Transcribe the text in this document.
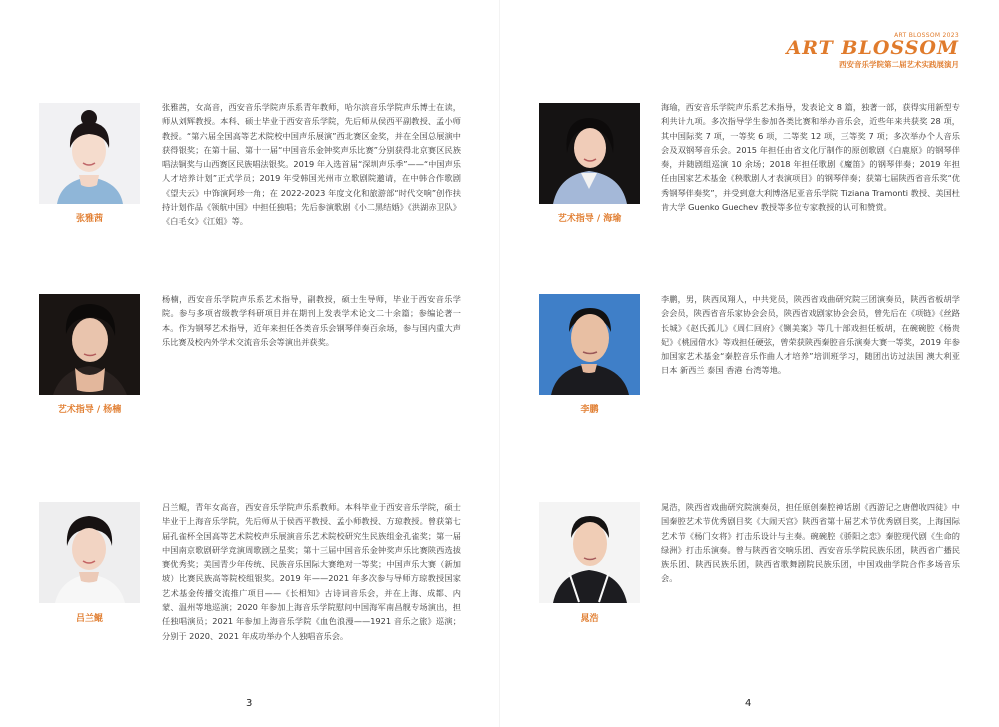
ART BLOSSOM 2023
ART BLOSSOM
西安音乐学院第二届艺术实践展演月
张雅茜

张雅茜，女高音，西安音乐学院声乐系青年教师，哈尔滨音乐学院声乐博士在读，师从刘辉教授。本科、硕士毕业于西安音乐学院，先后师从侯西平副教授、孟小师教授。“第六届全国高等艺术院校中国声乐展演”西北赛区金奖，并在全国总展演中获得银奖；在第十届、第十一届“中国音乐金钟奖声乐比赛”分别获得北京赛区民族唱法铜奖与山西赛区民族唱法银奖。2019 年入选首届“深圳声乐季”——“中国声乐人才培养计划”正式学员；2019 年受韩国光州市立歌剧院邀请，在中韩合作歌剧《望夫云》中饰演阿珍一角；在 2022-2023 年度文化和旅游部“时代交响”创作扶持计划作品《领航中国》中担任独唱；先后参演歌剧《小二黑结婚》《洪湖赤卫队》《白毛女》《江姐》等。

艺术指导 / 杨楠

杨楠，西安音乐学院声乐系艺术指导，副教授，硕士生导师，毕业于西安音乐学院。参与多项省级教学科研项目并在期刊上发表学术论文二十余篇；参编论著一本。作为钢琴艺术指导，近年来担任各类音乐会钢琴伴奏百余场，参与国内重大声乐比赛及校内外学术交流音乐会等演出并获奖。

吕兰鲲

吕兰鲲，青年女高音，西安音乐学院声乐系教师。本科毕业于西安音乐学院，硕士毕业于上海音乐学院，先后师从于侯西平教授、孟小师教授、方琼教授。曾获第七届孔雀杯全国高等艺术院校声乐展演音乐艺术院校研究生民族组金孔雀奖；第一届中国南京歌剧研学竞演周歌剧之星奖；第十三届中国音乐金钟奖声乐比赛陕西选拔赛优秀奖；美国青少年传统、民族音乐国际大赛绝对一等奖；中国声乐大赛（新加坡）比赛民族高等院校组银奖。2019 年——2021 年多次参与导师方琼教授国家艺术基金传播交流推广项目——《长相知》古诗词音乐会，并在上海、成都、内蒙、温州等地巡演；2020 年参加上海音乐学院慰问中国海军南昌舰专场演出，担任独唱演员；2021 年参加上海音乐学院《血色浪漫——1921 音乐之旅》巡演；分别于 2020、2021 年成功举办个人独唱音乐会。

3
艺术指导 / 海瑜

海瑜，西安音乐学院声乐系艺术指导，发表论文 8 篇，独著一部，获得实用新型专利共计九项。多次指导学生参加各类比赛和举办音乐会，近些年来共获奖 28 项，其中国际奖 7 项，一等奖 6 项，二等奖 12 项，三等奖 7 项；多次举办个人音乐会及双钢琴音乐会。2015 年担任由省文化厅制作的原创歌剧《白鹿原》的钢琴伴奏，并随剧组巡演 10 余场；2018 年担任歌剧《魔笛》的钢琴伴奏；2019 年担任由国家艺术基金《秧歌剧人才表演项目》的钢琴伴奏；获第七届陕西省音乐奖“优秀钢琴伴奏奖”，并受到意大利博洛尼亚音乐学院 Tiziana Tramonti 教授、美国杜肯大学 Guenko Guechev 教授等多位专家教授的认可和赞赏。

李鹏

李鹏，男，陕西凤翔人，中共党员，陕西省戏曲研究院三团演奏员，陕西省板胡学会会员，陕西省音乐家协会会员，陕西省戏剧家协会会员，曾先后在《项链》《丝路长城》《赵氏孤儿》《周仁回府》《铡美案》等几十部戏担任板胡，在碗碗腔《杨贵妃》《桃园借水》等戏担任硬弦，曾荣获陕西秦腔音乐演奏大赛一等奖，2019 年参加国家艺术基金“秦腔音乐作曲人才培养”培训班学习，随团出访过法国 澳大利亚 日本 新西兰 泰国 香港 台湾等地。

晁浩

晁浩，陕西省戏曲研究院演奏员，担任原创秦腔神话剧《西游记之唐僧收四徒》中国秦腔艺术节优秀剧目奖《大闹天宫》陕西省第十届艺术节优秀剧目奖，上海国际艺术节《杨门女将》打击乐设计与主奏。碗碗腔《骄阳之恋》秦腔现代剧《生命的绿洲》打击乐演奏。曾与陕西省交响乐团、西安音乐学院民族乐团，陕西省广播民族乐团、陕西民族乐团，陕西省歌舞剧院民族乐团，中国戏曲学院合作多场音乐会。

4
